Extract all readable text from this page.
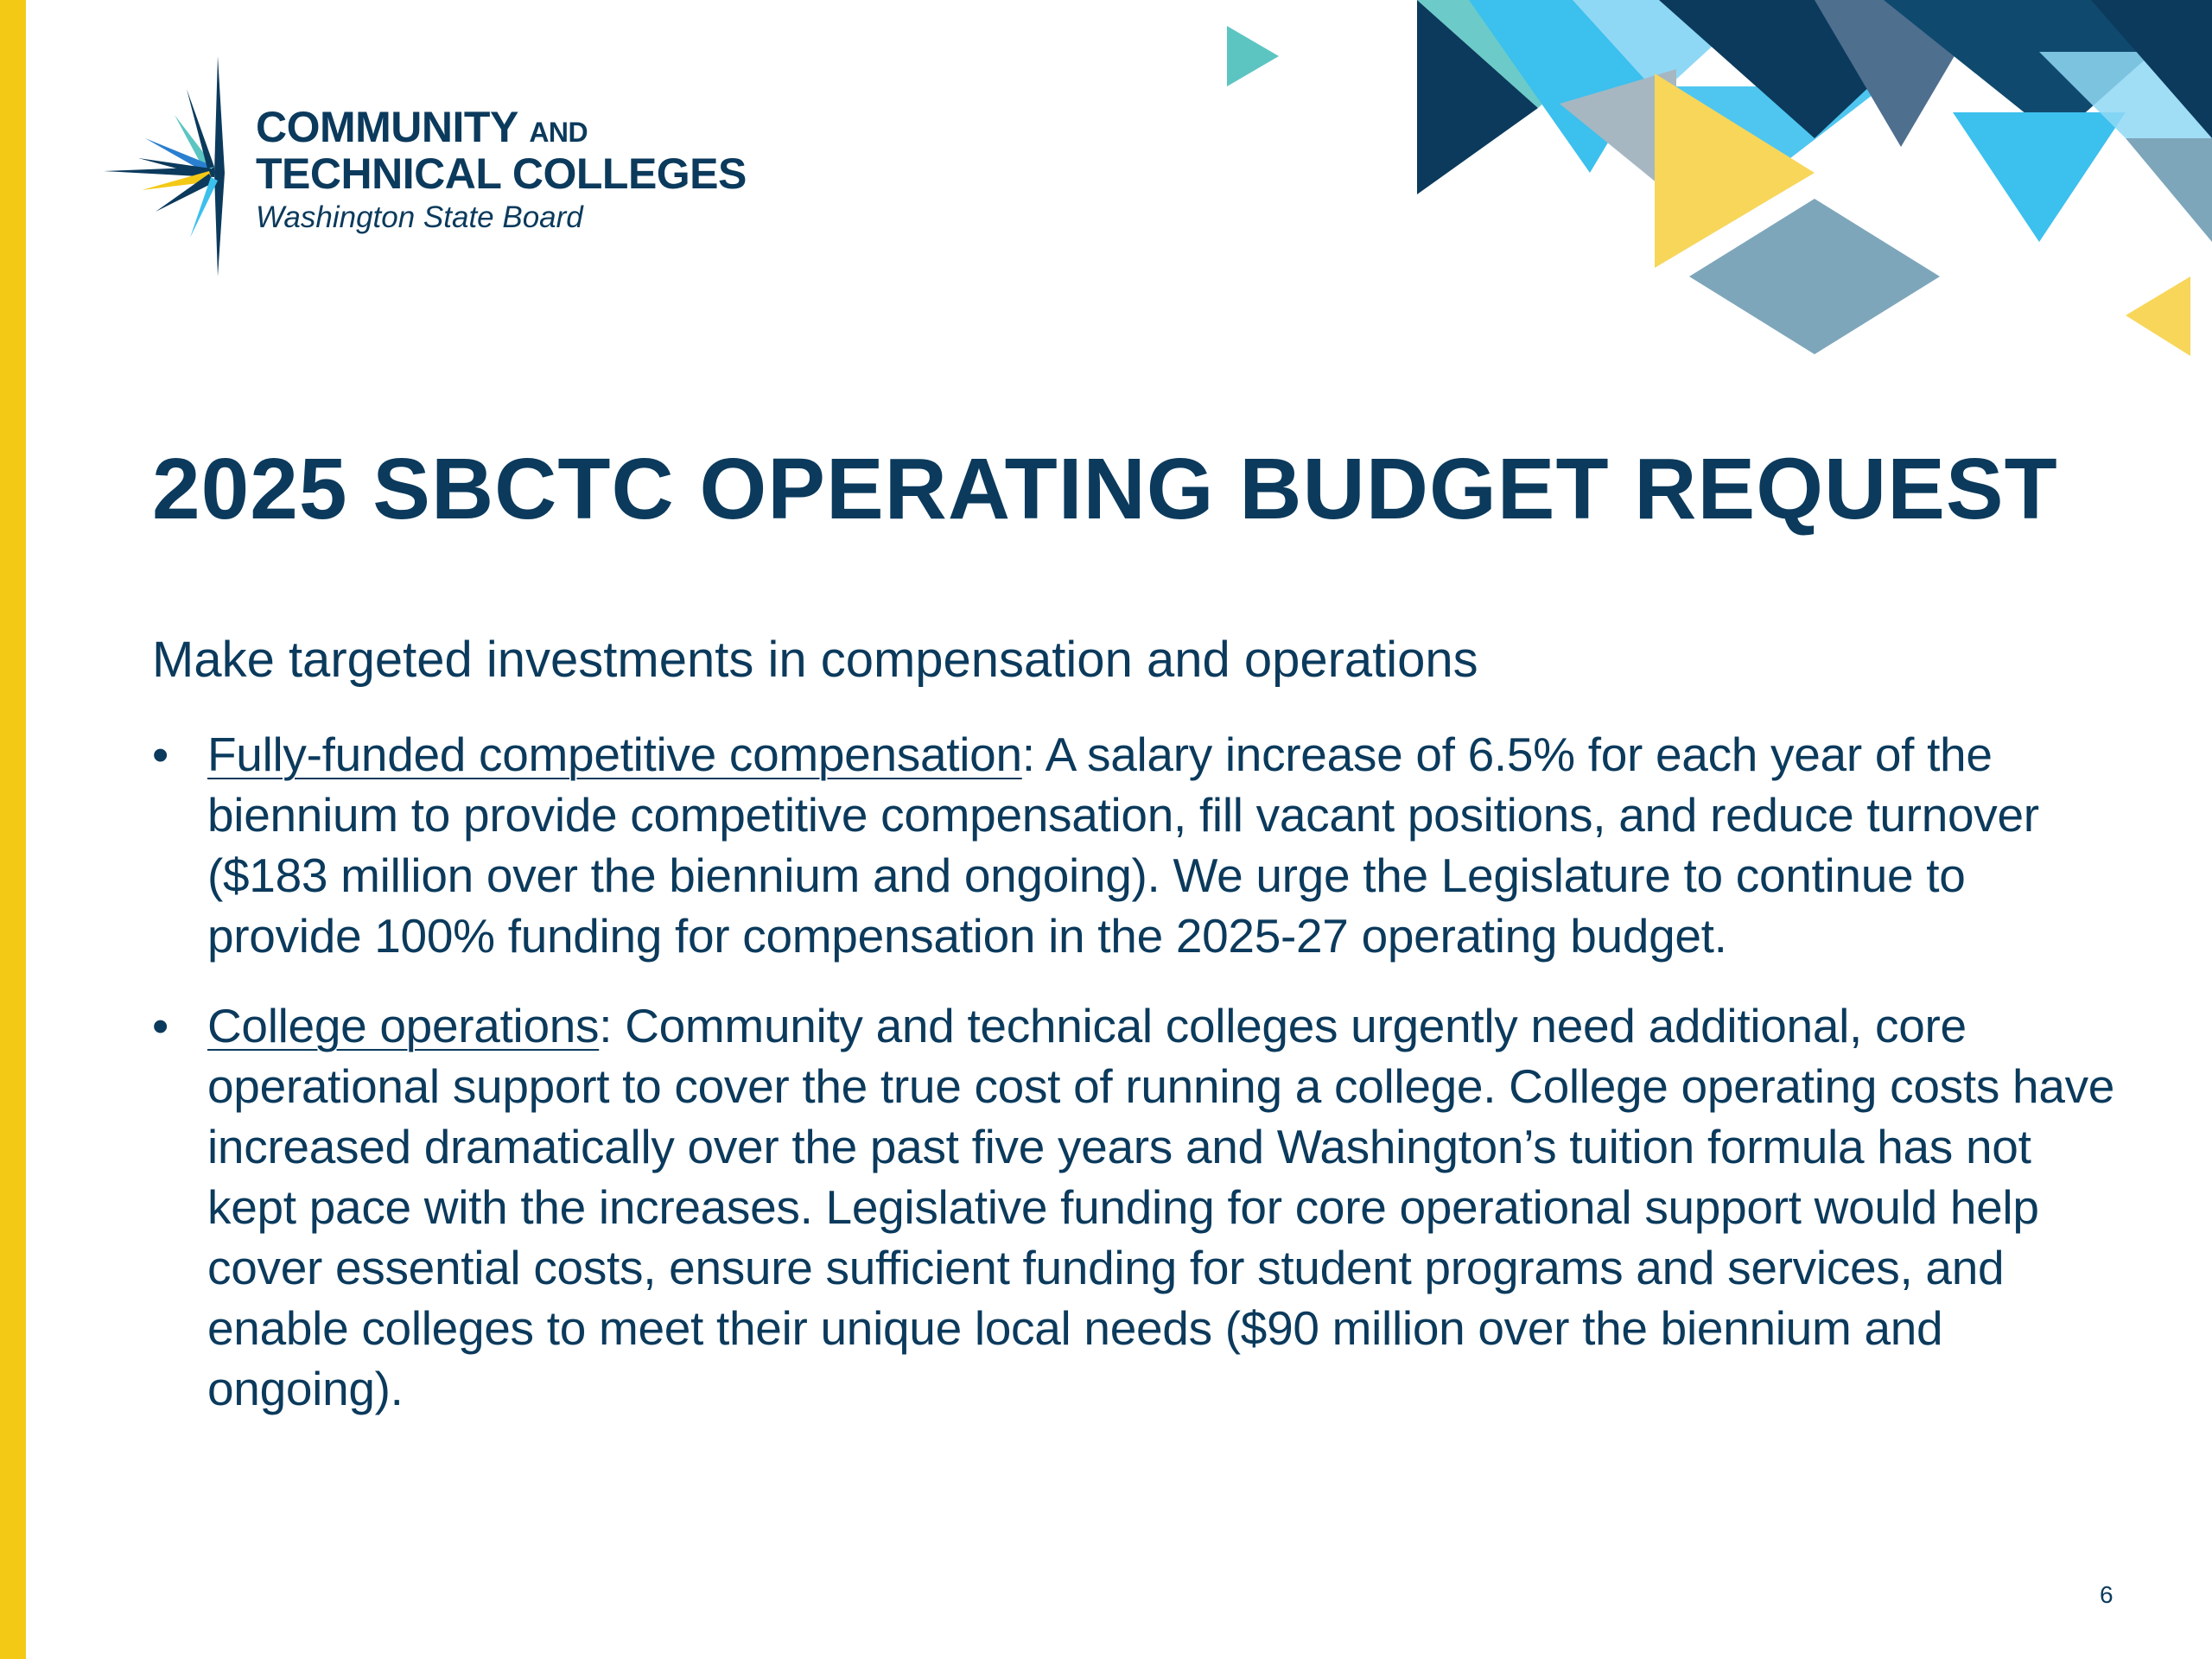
COMMUNITY AND
TECHNICAL COLLEGES
Washington State Board
2025 SBCTC OPERATING BUDGET REQUEST

Make targeted investments in compensation and operations

• Fully-funded competitive compensation: A salary increase of 6.5% for each year of the biennium to provide competitive compensation, fill vacant positions, and reduce turnover ($183 million over the biennium and ongoing). We urge the Legislature to continue to provide 100% funding for compensation in the 2025-27 operating budget.
• College operations: Community and technical colleges urgently need additional, core operational support to cover the true cost of running a college. College operating costs have increased dramatically over the past five years and Washington’s tuition formula has not kept pace with the increases. Legislative funding for core operational support would help cover essential costs, ensure sufficient funding for student programs and services, and enable colleges to meet their unique local needs ($90 million over the biennium and ongoing).
6
